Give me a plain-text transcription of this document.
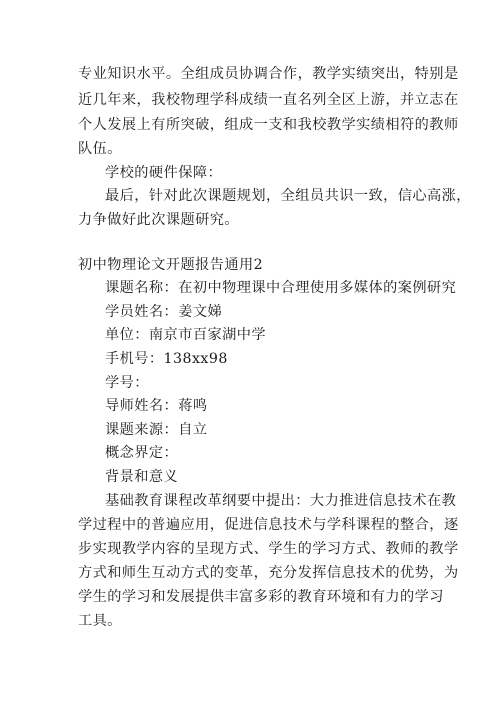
专业知识水平。全组成员协调合作，教学实绩突出，特别是
近几年来，我校物理学科成绩一直名列全区上游，并立志在
个人发展上有所突破，组成一支和我校教学实绩相符的教师
队伍。
学校的硬件保障：
最后，针对此次课题规划，全组员共识一致，信心高涨，
力争做好此次课题研究。
初中物理论文开题报告通用2
课题名称：在初中物理课中合理使用多媒体的案例研究
学员姓名：姜文娣
单位：南京市百家湖中学
手机号：138xx98
学号：
导师姓名：蒋鸣
课题来源：自立
概念界定：
背景和意义
基础教育课程改革纲要中提出：大力推进信息技术在教
学过程中的普遍应用，促进信息技术与学科课程的整合，逐
步实现教学内容的呈现方式、学生的学习方式、教师的教学
方式和师生互动方式的变革，充分发挥信息技术的优势，为
学生的学习和发展提供丰富多彩的教育环境和有力的学习
工具。
